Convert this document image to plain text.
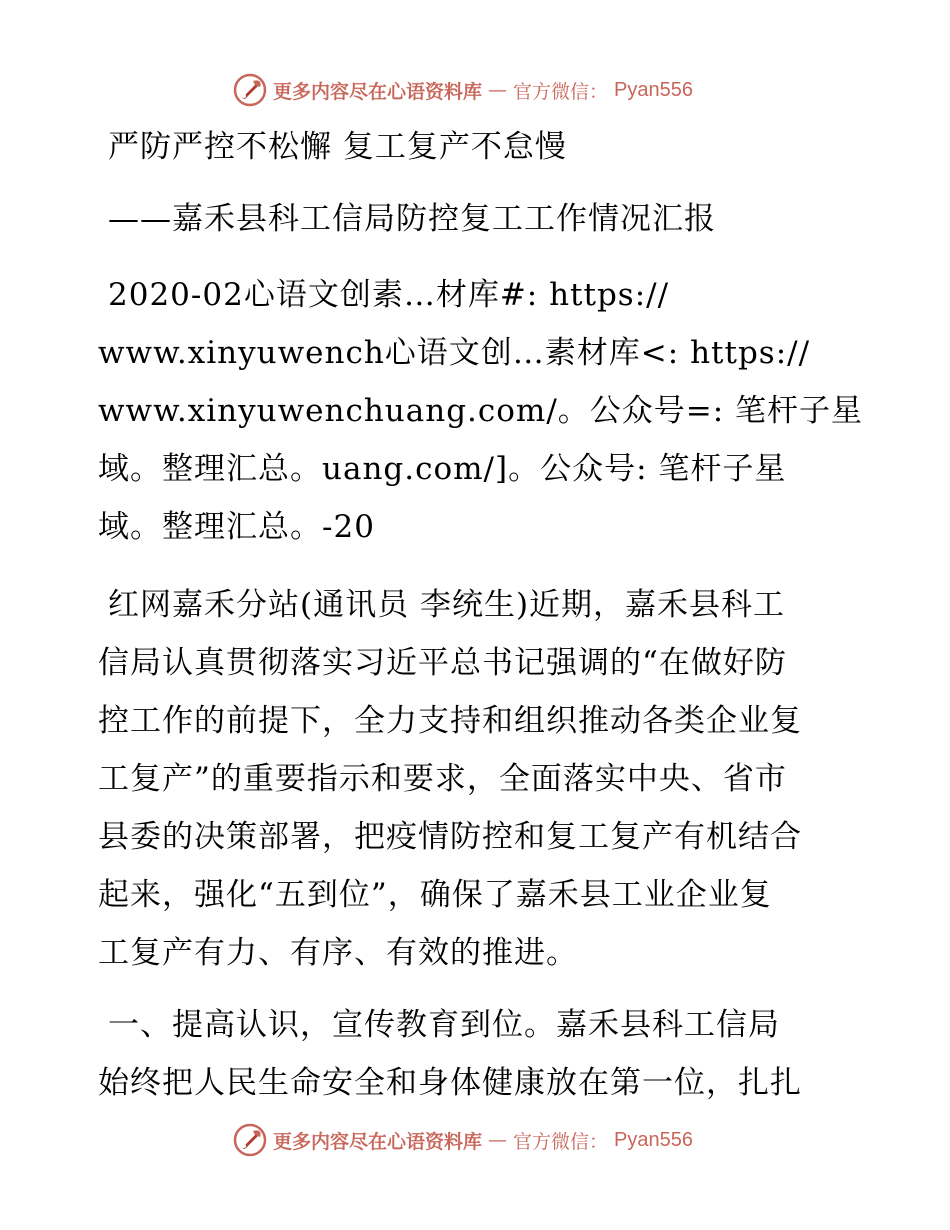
更多内容尽在心语资料库 — 官方微信： Pyan556
严防严控不松懈 复工复产不怠慢
——嘉禾县科工信局防控复工工作情况汇报
2020-02心语文创素…材库#: https://
www.xinyuwench心语文创…素材库<: https://
www.xinyuwenchuang.com/。公众号=: 笔杆子星
域。整理汇总。uang.com/]。公众号: 笔杆子星
域。整理汇总。-20
红网嘉禾分站(通讯员 李统生)近期，嘉禾县科工
信局认真贯彻落实习近平总书记强调的“在做好防
控工作的前提下，全力支持和组织推动各类企业复
工复产”的重要指示和要求，全面落实中央、省市
县委的决策部署，把疫情防控和复工复产有机结合
起来，强化“五到位”，确保了嘉禾县工业企业复
工复产有力、有序、有效的推进。
一、提高认识，宣传教育到位。嘉禾县科工信局
始终把人民生命安全和身体健康放在第一位，扎扎
更多内容尽在心语资料库 — 官方微信： Pyan556
